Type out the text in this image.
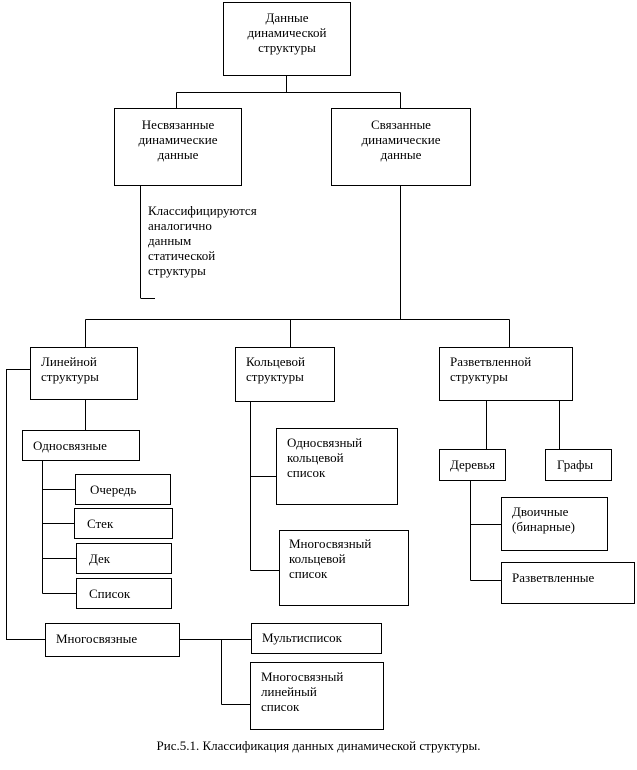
Данные
динамической
структуры
Несвязанные
динамические
данные
Связанные
динамические
данные
Классифицируются
аналогично
данным
статической
структуры
Линейной
структуры
Кольцевой
структуры
Разветвленной
структуры
Односвязные
Очередь
Стек
Дек
Список
Многосвязные	Мультисписок
Многосвязный
линейный
список
Односвязный
кольцевой
список
Многосвязный
кольцевой
список
Деревья	Графы
Двоичные
(бинарные)
Разветвленные
Рис.5.1. Классификация данных динамической структуры.
